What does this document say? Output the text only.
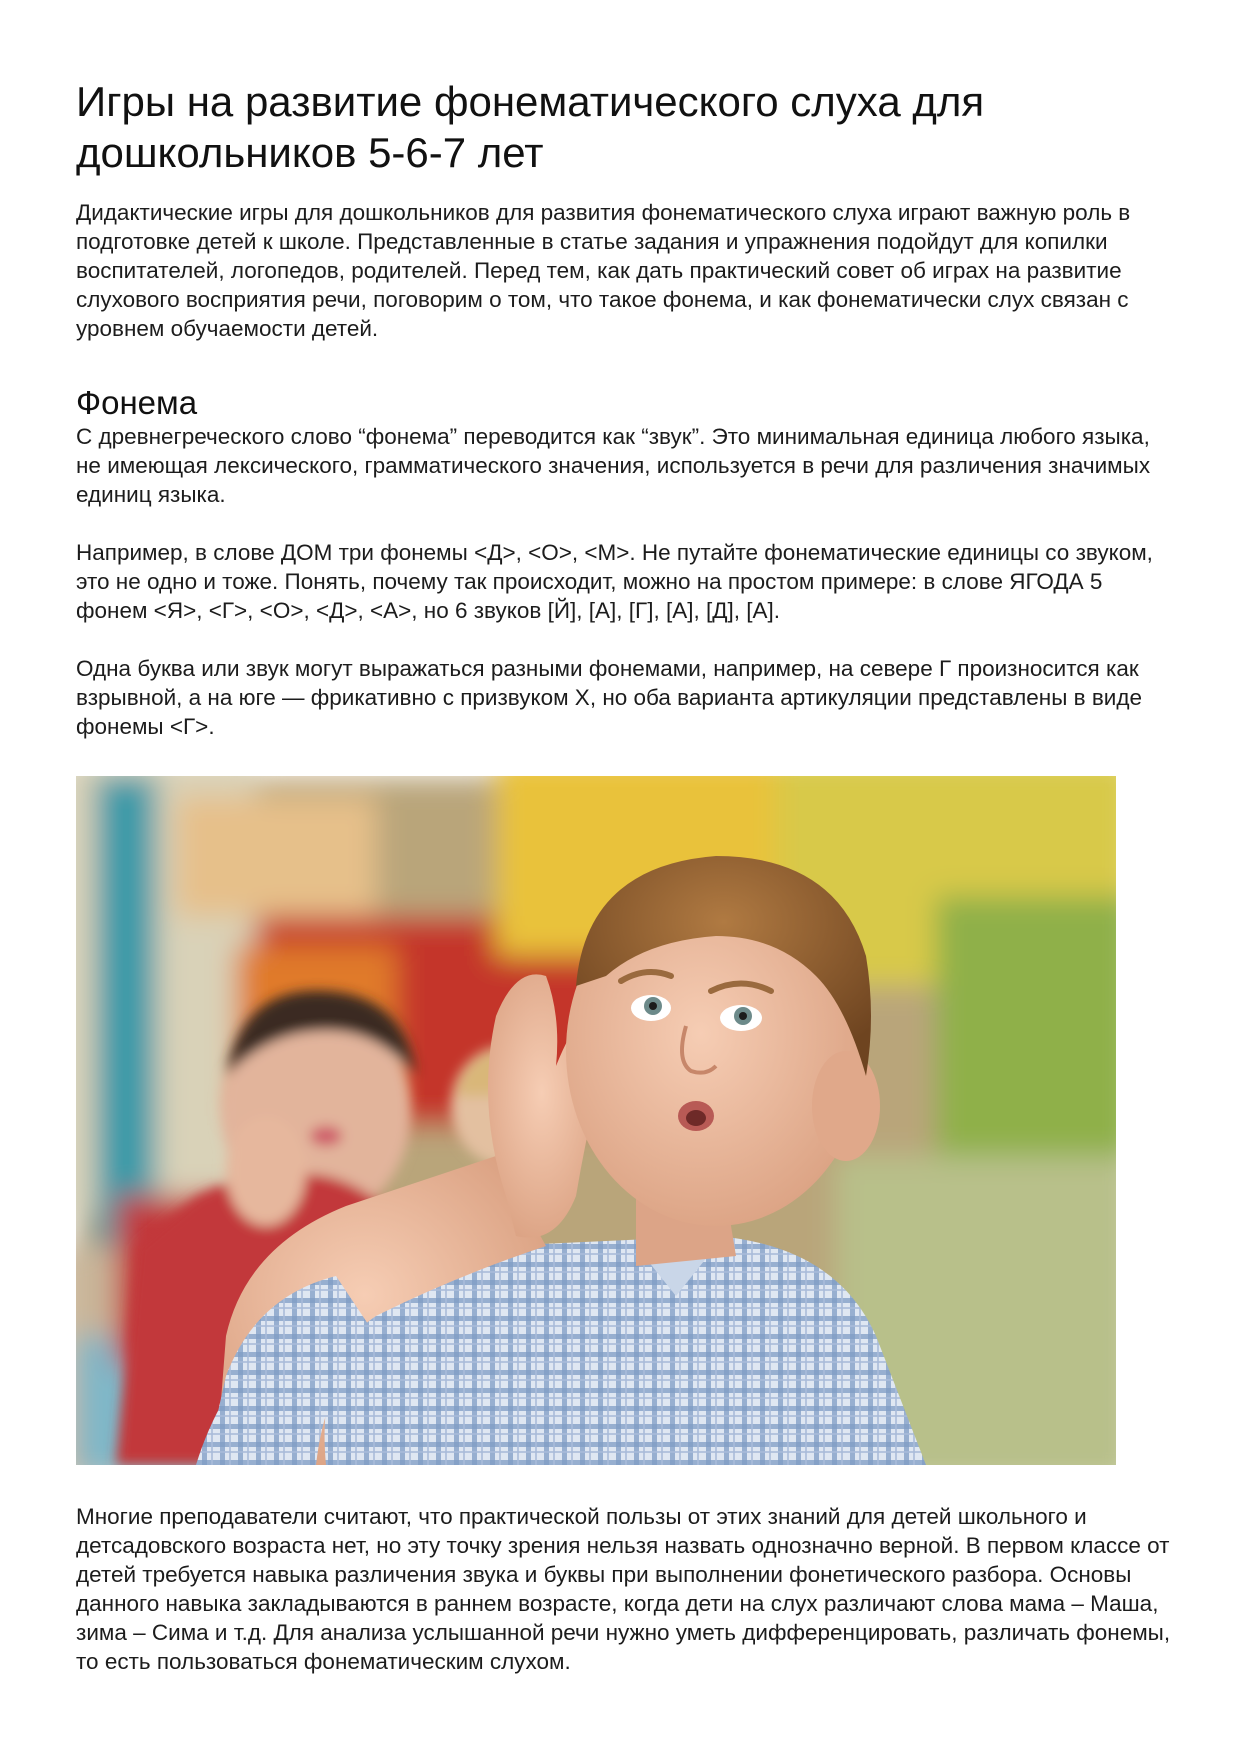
Игры на развитие фонематического слуха для дошкольников 5-6-7 лет

Дидактические игры для дошкольников для развития фонематического слуха играют важную роль в подготовке детей к школе. Представленные в статье задания и упражнения подойдут для копилки воспитателей, логопедов, родителей. Перед тем, как дать практический совет об играх на развитие слухового восприятия речи, поговорим о том, что такое фонема, и как фонематически слух связан с уровнем обучаемости детей.

Фонема

С древнегреческого слово “фонема” переводится как “звук”. Это минимальная единица любого языка, не имеющая лексического, грамматического значения, используется в речи для различения значимых единиц языка.

Например, в слове ДОМ три фонемы <Д>, <О>, <М>. Не путайте фонематические единицы со звуком, это не одно и тоже. Понять, почему так происходит, можно на простом примере: в слове ЯГОДА 5 фонем <Я>, <Г>, <О>, <Д>, <А>, но 6 звуков [Й], [А], [Г], [А], [Д], [А].

Одна буква или звук могут выражаться разными фонемами, например, на севере Г произносится как взрывной, а на юге — фрикативно с призвуком Х, но оба варианта артикуляции представлены в виде фонемы <Г>.

Многие преподаватели считают, что практической пользы от этих знаний для детей школьного и детсадовского возраста нет, но эту точку зрения нельзя назвать однозначно верной. В первом классе от детей требуется навыка различения звука и буквы при выполнении фонетического разбора. Основы данного навыка закладываются в раннем возрасте, когда дети на слух различают слова мама – Маша, зима – Сима и т.д. Для анализа услышанной речи нужно уметь дифференцировать, различать фонемы, то есть пользоваться фонематическим слухом.
